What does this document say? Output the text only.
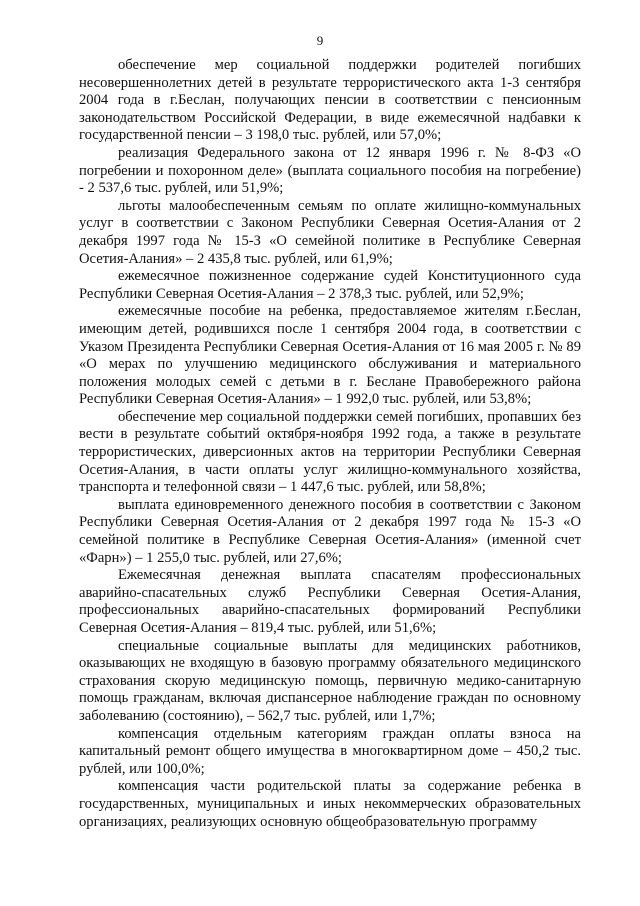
9

обеспечение мер социальной поддержки родителей погибших несовершеннолетних детей в результате террористического акта 1-3 сентября 2004 года в г.Беслан, получающих пенсии в соответствии с пенсионным законодательством Российской Федерации, в виде ежемесячной надбавки к государственной пенсии – 3 198,0 тыс. рублей, или 57,0%;

реализация Федерального закона от 12 января 1996 г. № 8-ФЗ «О погребении и похоронном деле» (выплата социального пособия на погребение) - 2 537,6 тыс. рублей, или 51,9%;

льготы малообеспеченным семьям по оплате жилищно-коммунальных услуг в соответствии с Законом Республики Северная Осетия-Алания от 2 декабря 1997 года № 15-З «О семейной политике в Республике Северная Осетия-Алания» – 2 435,8 тыс. рублей, или 61,9%;

ежемесячное пожизненное содержание судей Конституционного суда Республики Северная Осетия-Алания – 2 378,3 тыс. рублей, или 52,9%;

ежемесячные пособие на ребенка, предоставляемое жителям г.Беслан, имеющим детей, родившихся после 1 сентября 2004 года, в соответствии с Указом Президента Республики Северная Осетия-Алания от 16 мая 2005 г. № 89 «О мерах по улучшению медицинского обслуживания и материального положения молодых семей с детьми в г. Беслане Правобережного района Республики Северная Осетия-Алания» – 1 992,0 тыс. рублей, или 53,8%;

обеспечение мер социальной поддержки семей погибших, пропавших без вести в результате событий октября-ноября 1992 года, а также в результате террористических, диверсионных актов на территории Республики Северная Осетия-Алания, в части оплаты услуг жилищно-коммунального хозяйства, транспорта и телефонной связи – 1 447,6 тыс. рублей, или 58,8%;

выплата единовременного денежного пособия в соответствии с Законом Республики Северная Осетия-Алания от 2 декабря 1997 года № 15-З «О семейной политике в Республике Северная Осетия-Алания» (именной счет «Фарн») – 1 255,0 тыс. рублей, или 27,6%;

Ежемесячная денежная выплата спасателям профессиональных аварийно-спасательных служб Республики Северная Осетия-Алания, профессиональных аварийно-спасательных формирований Республики Северная Осетия-Алания – 819,4 тыс. рублей, или 51,6%;

специальные социальные выплаты для медицинских работников, оказывающих не входящую в базовую программу обязательного медицинского страхования скорую медицинскую помощь, первичную медико-санитарную помощь гражданам, включая диспансерное наблюдение граждан по основному заболеванию (состоянию), – 562,7 тыс. рублей, или 1,7%;

компенсация отдельным категориям граждан оплаты взноса на капитальный ремонт общего имущества в многоквартирном доме – 450,2 тыс. рублей, или 100,0%;

компенсация части родительской платы за содержание ребенка в государственных, муниципальных и иных некоммерческих образовательных организациях, реализующих основную общеобразовательную программу
